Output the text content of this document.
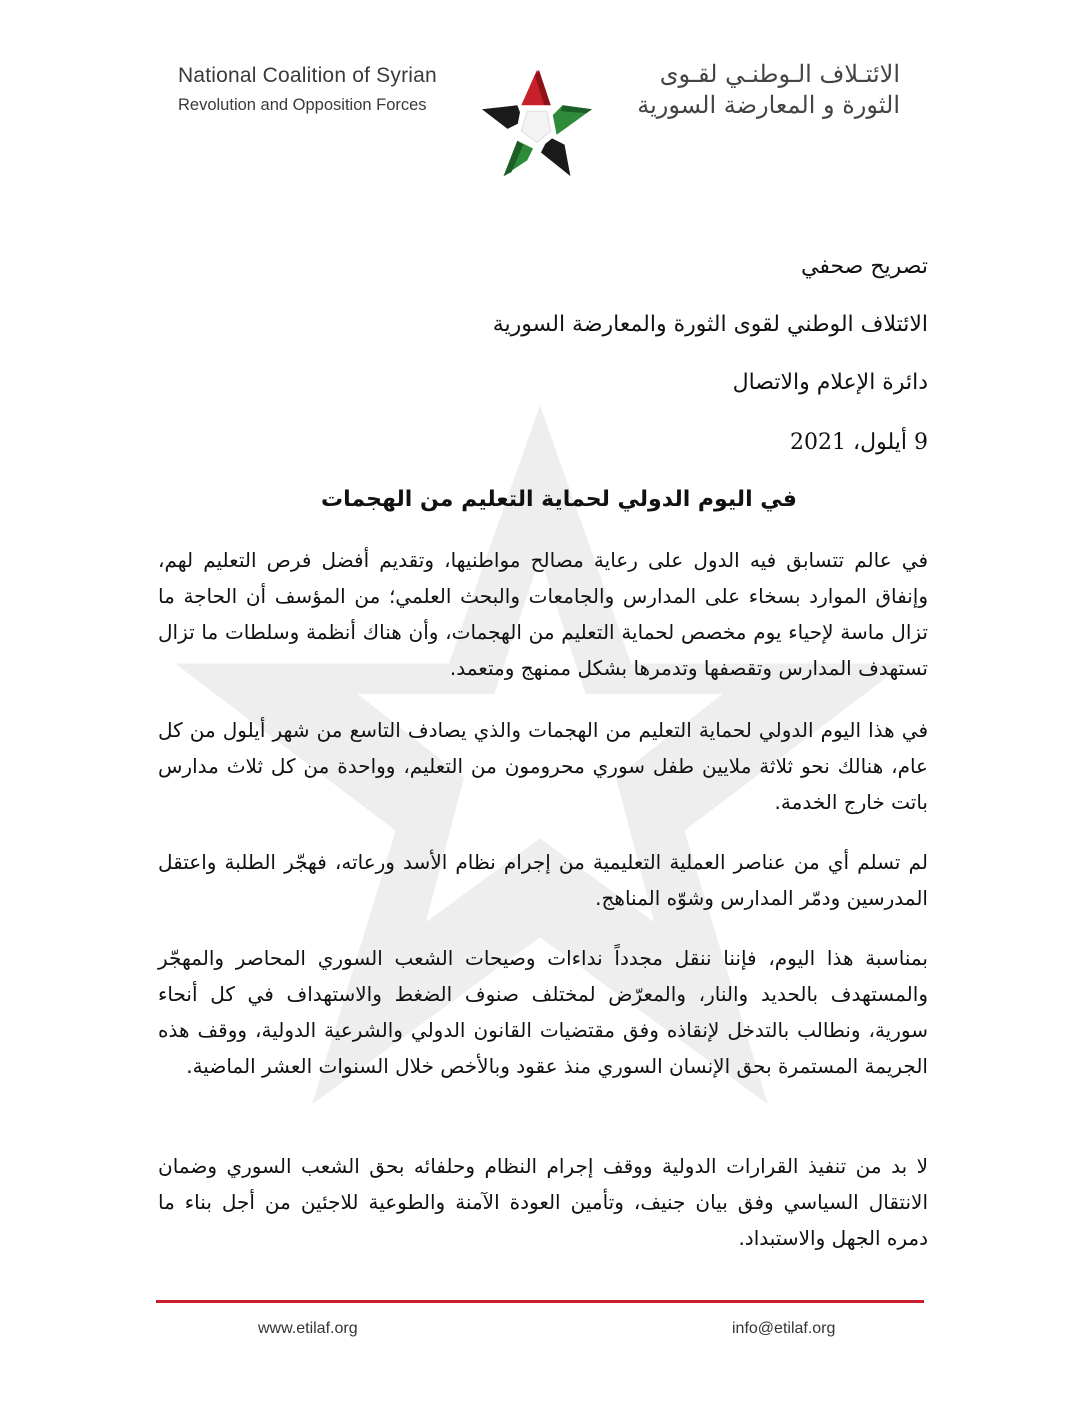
National Coalition of Syrian
Revolution and Opposition Forces
الائتـلاف الـوطنـي لقـوى
الثورة و المعارضة السورية

تصريح صحفي

الائتلاف الوطني لقوى الثورة والمعارضة السورية

دائرة الإعلام والاتصال

9 أيلول، 2021

في اليوم الدولي لحماية التعليم من الهجمات

في عالم تتسابق فيه الدول على رعاية مصالح مواطنيها، وتقديم أفضل فرص التعليم لهم، وإنفاق الموارد بسخاء على المدارس والجامعات والبحث العلمي؛ من المؤسف أن الحاجة ما تزال ماسة لإحياء يوم مخصص لحماية التعليم من الهجمات، وأن هناك أنظمة وسلطات ما تزال تستهدف المدارس وتقصفها وتدمرها بشكل ممنهج ومتعمد.

في هذا اليوم الدولي لحماية التعليم من الهجمات والذي يصادف التاسع من شهر أيلول من كل عام، هنالك نحو ثلاثة ملايين طفل سوري محرومون من التعليم، وواحدة من كل ثلاث مدارس باتت خارج الخدمة.

لم تسلم أي من عناصر العملية التعليمية من إجرام نظام الأسد ورعاته، فهجّر الطلبة واعتقل المدرسين ودمّر المدارس وشوّه المناهج.

بمناسبة هذا اليوم، فإننا ننقل مجدداً نداءات وصيحات الشعب السوري المحاصر والمهجّر والمستهدف بالحديد والنار، والمعرّض لمختلف صنوف الضغط والاستهداف في كل أنحاء سورية، ونطالب بالتدخل لإنقاذه وفق مقتضيات القانون الدولي والشرعية الدولية، ووقف هذه الجريمة المستمرة بحق الإنسان السوري منذ عقود وبالأخص خلال السنوات العشر الماضية.

لا بد من تنفيذ القرارات الدولية ووقف إجرام النظام وحلفائه بحق الشعب السوري وضمان الانتقال السياسي وفق بيان جنيف، وتأمين العودة الآمنة والطوعية للاجئين من أجل بناء ما دمره الجهل والاستبداد.

www.etilaf.org	info@etilaf.org
